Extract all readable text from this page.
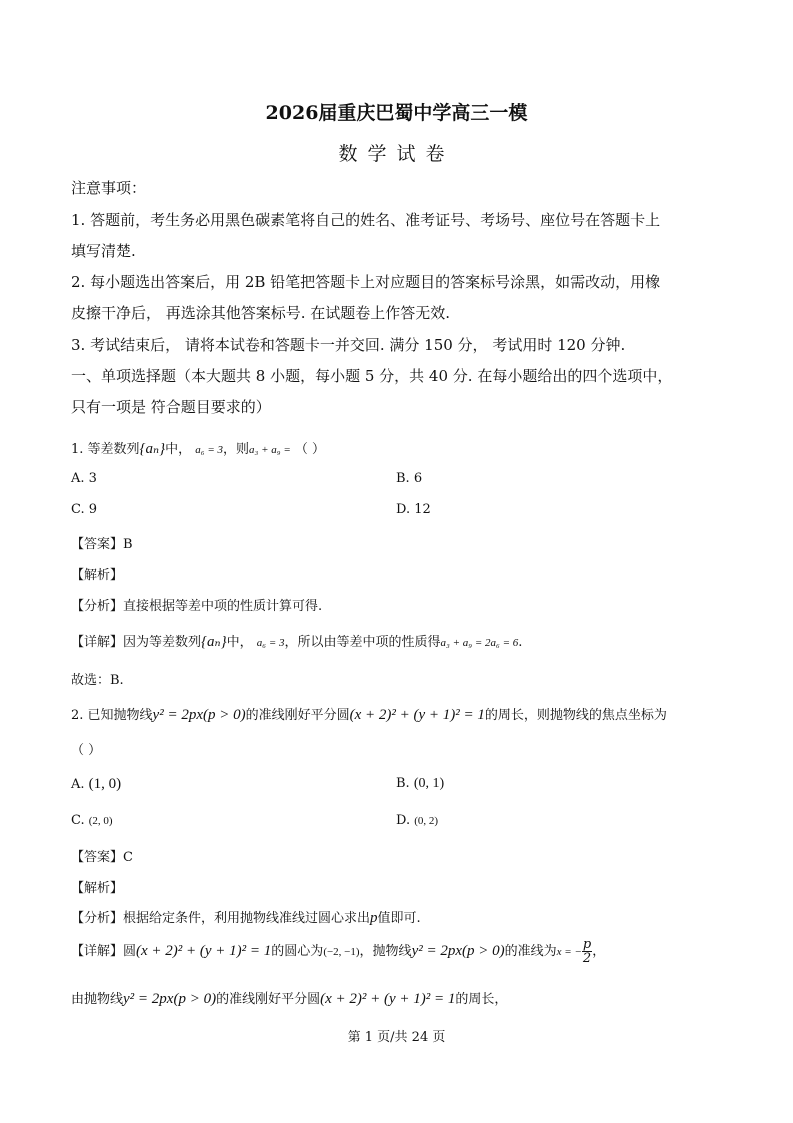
2026届重庆巴蜀中学高三一模
数学试卷
注意事项：
1. 答题前，考生务必用黑色碳素笔将自己的姓名、准考证号、考场号、座位号在答题卡上
填写清楚.
2. 每小题选出答案后，用 2B 铅笔把答题卡上对应题目的答案标号涂黑，如需改动，用橡
皮擦干净后， 再选涂其他答案标号. 在试题卷上作答无效.
3. 考试结束后， 请将本试卷和答题卡一并交回. 满分 150 分， 考试用时 120 分钟.
一、单项选择题（本大题共 8 小题，每小题 5 分，共 40 分. 在每小题给出的四个选项中，
只有一项是 符合题目要求的）
1. 等差数列{aₙ}中， a₆ = 3，则a₃ + a₉ = （ ）
A. 3	B. 6
C. 9	D. 12
【答案】B
【解析】
【分析】直接根据等差中项的性质计算可得.
【详解】因为等差数列{aₙ}中， a₆ = 3，所以由等差中项的性质得a₃ + a₉ = 2a₆ = 6.
故选：B.
2. 已知抛物线y² = 2px(p > 0)的准线刚好平分圆(x + 2)² + (y + 1)² = 1的周长，则抛物线的焦点坐标为
（ ）
A. (1, 0)	B. (0, 1)
C. (2, 0)	D. (0, 2)
【答案】C
【解析】
【分析】根据给定条件，利用抛物线准线过圆心求出p值即可.
【详解】圆(x + 2)² + (y + 1)² = 1的圆心为(−2, −1)，抛物线y² = 2px(p > 0)的准线为x = − $\frac{p}{2}$ ，
由抛物线y² = 2px(p > 0)的准线刚好平分圆(x + 2)² + (y + 1)² = 1的周长，
第 1 页/共 24 页
